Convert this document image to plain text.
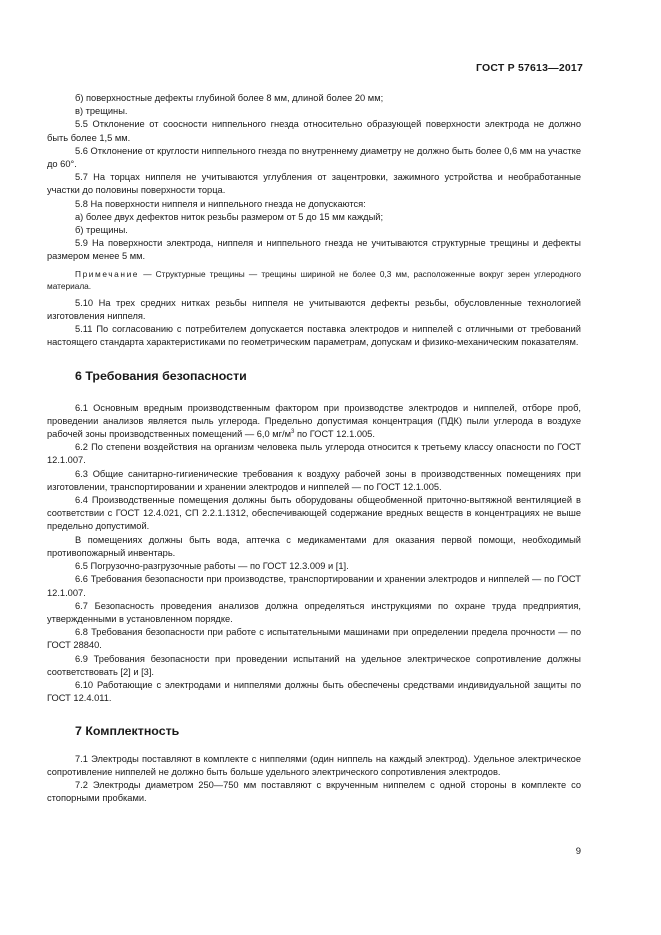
ГОСТ Р 57613—2017

б) поверхностные дефекты глубиной более 8 мм, длиной более 20 мм;

в) трещины.

5.5 Отклонение от соосности ниппельного гнезда относительно образующей поверхности электрода не должно быть более 1,5 мм.

5.6 Отклонение от круглости ниппельного гнезда по внутреннему диаметру не должно быть более 0,6 мм на участке до 60°.

5.7 На торцах ниппеля не учитываются углубления от зацентровки, зажимного устройства и необработанные участки до половины поверхности торца.

5.8 На поверхности ниппеля и ниппельного гнезда не допускаются:

а) более двух дефектов ниток резьбы размером от 5 до 15 мм каждый;

б) трещины.

5.9 На поверхности электрода, ниппеля и ниппельного гнезда не учитываются структурные трещины и дефекты размером менее 5 мм.

Примечание — Структурные трещины — трещины шириной не более 0,3 мм, расположенные вокруг зерен углеродного материала.

5.10 На трех средних нитках резьбы ниппеля не учитываются дефекты резьбы, обусловленные технологией изготовления ниппеля.

5.11 По согласованию с потребителем допускается поставка электродов и ниппелей с отличными от требований настоящего стандарта характеристиками по геометрическим параметрам, допускам и физико-механическим показателям.

6 Требования безопасности

6.1 Основным вредным производственным фактором при производстве электродов и ниппелей, отборе проб, проведении анализов является пыль углерода. Предельно допустимая концентрация (ПДК) пыли углерода в воздухе рабочей зоны производственных помещений — 6,0 $мг/м^3$ по ГОСТ 12.1.005.

6.2 По степени воздействия на организм человека пыль углерода относится к третьему классу опасности по ГОСТ 12.1.007.

6.3 Общие санитарно-гигиенические требования к воздуху рабочей зоны в производственных помещениях при изготовлении, транспортировании и хранении электродов и ниппелей — по ГОСТ 12.1.005.

6.4 Производственные помещения должны быть оборудованы общеобменной приточно-вытяжной вентиляцией в соответствии с ГОСТ 12.4.021, СП 2.2.1.1312, обеспечивающей содержание вредных веществ в концентрациях не выше предельно допустимой.

В помещениях должны быть вода, аптечка с медикаментами для оказания первой помощи, необходимый противопожарный инвентарь.

6.5 Погрузочно-разгрузочные работы — по ГОСТ 12.3.009 и [1].

6.6 Требования безопасности при производстве, транспортировании и хранении электродов и ниппелей — по ГОСТ 12.1.007.

6.7 Безопасность проведения анализов должна определяться инструкциями по охране труда предприятия, утвержденными в установленном порядке.

6.8 Требования безопасности при работе с испытательными машинами при определении предела прочности — по ГОСТ 28840.

6.9 Требования безопасности при проведении испытаний на удельное электрическое сопротивление должны соответствовать [2] и [3].

6.10 Работающие с электродами и ниппелями должны быть обеспечены средствами индивидуальной защиты по ГОСТ 12.4.011.

7 Комплектность

7.1 Электроды поставляют в комплекте с ниппелями (один ниппель на каждый электрод). Удельное электрическое сопротивление ниппелей не должно быть больше удельного электрического сопротивления электродов.

7.2 Электроды диаметром 250—750 мм поставляют с вкрученным ниппелем с одной стороны в комплекте со стопорными пробками.

9
